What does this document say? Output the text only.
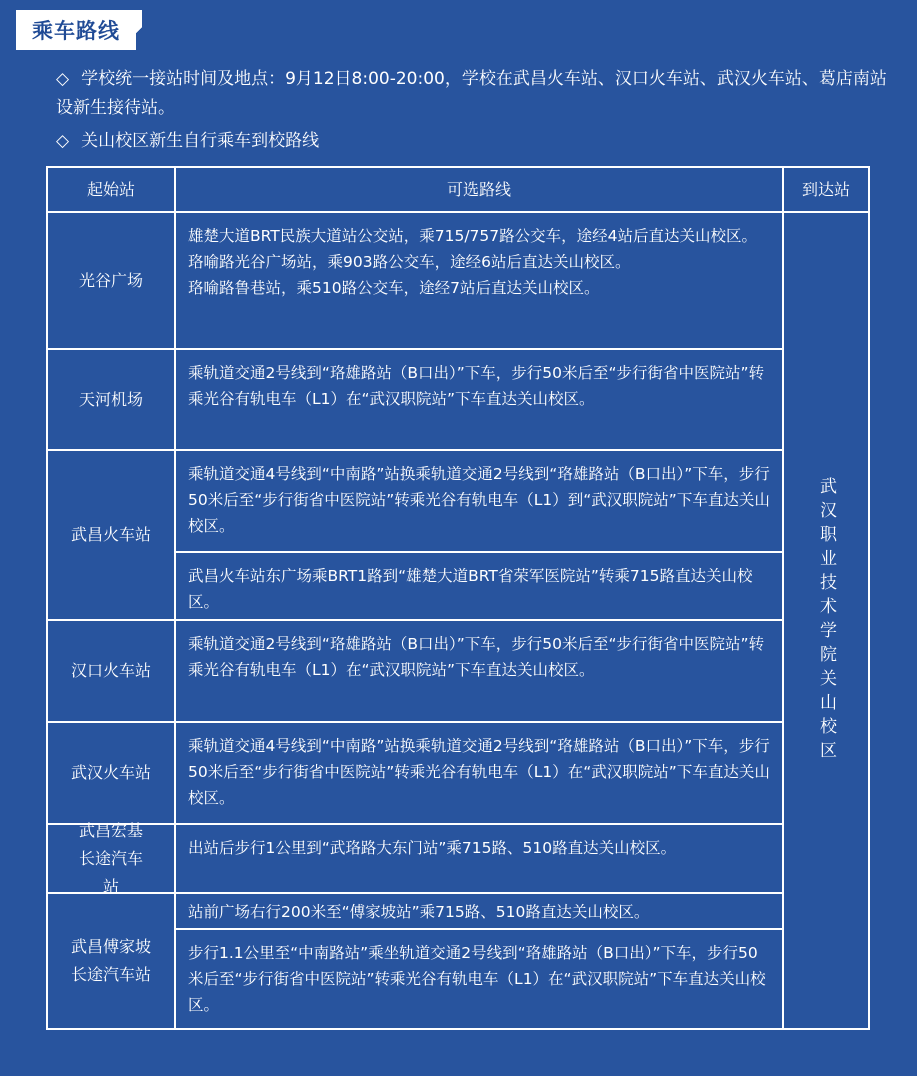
乘车路线
◇ 学校统一接站时间及地点：9月12日8:00-20:00，学校在武昌火车站、汉口火车站、武汉火车站、葛店南站设新生接待站。
◇ 关山校区新生自行乘车到校路线
起始站	可选路线	到达站
光谷广场

雄楚大道BRT民族大道站公交站，乘715/757路公交车，途经4站后直达关山校区。

珞喻路光谷广场站，乘903路公交车，途经6站后直达关山校区。

珞喻路鲁巷站，乘510路公交车，途经7站后直达关山校区。

天河机场

乘轨道交通2号线到“珞雄路站（B口出）”下车，步行50米后至“步行街省中医院站”转乘光谷有轨电车（L1）在“武汉职院站”下车直达关山校区。

武昌火车站

乘轨道交通4号线到“中南路”站换乘轨道交通2号线到“珞雄路站（B口出）”下车，步行50米后至“步行街省中医院站”转乘光谷有轨电车（L1）到“武汉职院站”下车直达关山校区。

武昌火车站东广场乘BRT1路到“雄楚大道BRT省荣军医院站”转乘715路直达关山校区。

汉口火车站

乘轨道交通2号线到“珞雄路站（B口出）”下车，步行50米后至“步行街省中医院站”转乘光谷有轨电车（L1）在“武汉职院站”下车直达关山校区。

武汉火车站

乘轨道交通4号线到“中南路”站换乘轨道交通2号线到“珞雄路站（B口出）”下车，步行50米后至“步行街省中医院站”转乘光谷有轨电车（L1）在“武汉职院站”下车直达关山校区。

武昌宏基长途汽车站

出站后步行1公里到“武珞路大东门站”乘715路、510路直达关山校区。

武昌傅家坡长途汽车站

站前广场右行200米至“傅家坡站”乘715路、510路直达关山校区。

步行1.1公里至“中南路站”乘坐轨道交通2号线到“珞雄路站（B口出）”下车，步行50米后至“步行街省中医院站”转乘光谷有轨电车（L1）在“武汉职院站”下车直达关山校区。

武汉职业技术学院关山校区
